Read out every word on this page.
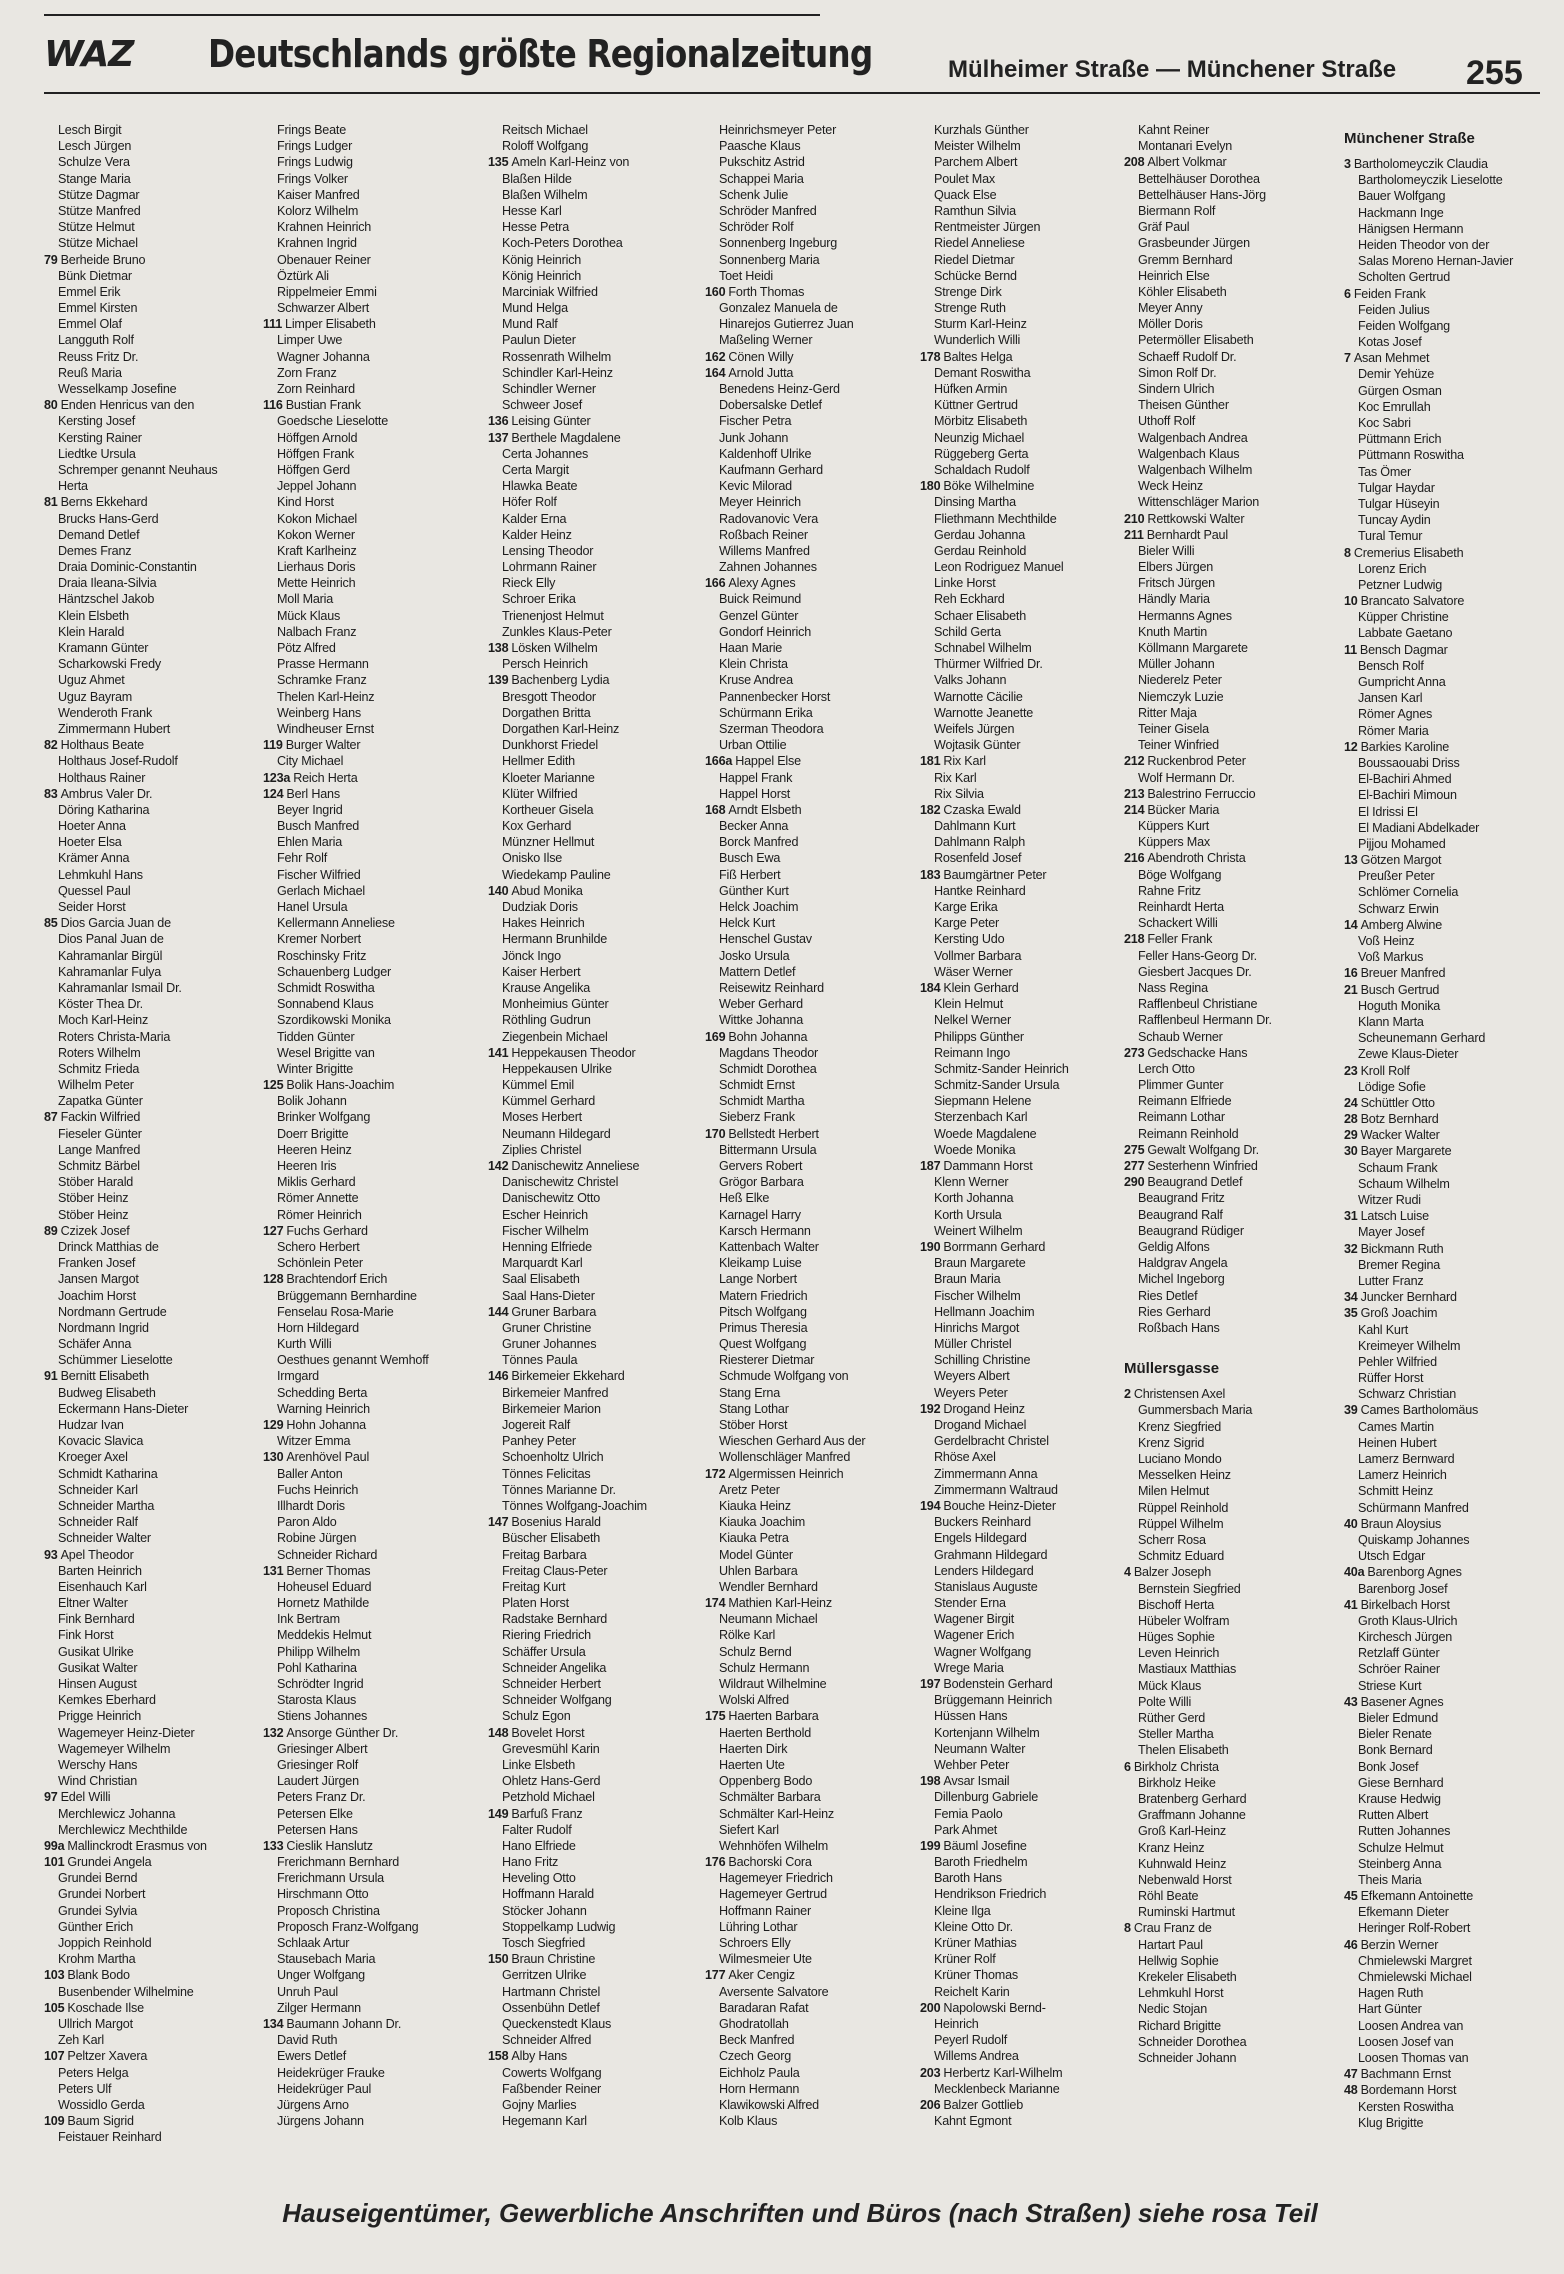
WAZ Deutschlands größte Regionalzeitung	Mülheimer Straße — Münchener Straße 255
Lesch Birgit
Lesch Jürgen
Schulze Vera
Stange Maria
Stütze Dagmar
Stütze Manfred
Stütze Helmut
Stütze Michael
79 Berheide Bruno
Bünk Dietmar
Emmel Erik
Emmel Kirsten
Emmel Olaf
Langguth Rolf
Reuss Fritz Dr.
Reuß Maria
Wesselkamp Josefine
80 Enden Henricus van den
Kersting Josef
Kersting Rainer
Liedtke Ursula
Schremper genannt Neuhaus
Herta
81 Berns Ekkehard
Brucks Hans-Gerd
Demand Detlef
Demes Franz
Draia Dominic-Constantin
Draia Ileana-Silvia
Häntzschel Jakob
Klein Elsbeth
Klein Harald
Kramann Günter
Scharkowski Fredy
Uguz Ahmet
Uguz Bayram
Wenderoth Frank
Zimmermann Hubert
82 Holthaus Beate
Holthaus Josef-Rudolf
Holthaus Rainer
83 Ambrus Valer Dr.
Döring Katharina
Hoeter Anna
Hoeter Elsa
Krämer Anna
Lehmkuhl Hans
Quessel Paul
Seider Horst
85 Dios Garcia Juan de
Dios Panal Juan de
Kahramanlar Birgül
Kahramanlar Fulya
Kahramanlar Ismail Dr.
Köster Thea Dr.
Moch Karl-Heinz
Roters Christa-Maria
Roters Wilhelm
Schmitz Frieda
Wilhelm Peter
Zapatka Günter
87 Fackin Wilfried
Fieseler Günter
Lange Manfred
Schmitz Bärbel
Stöber Harald
Stöber Heinz
Stöber Heinz
89 Czizek Josef
Drinck Matthias de
Franken Josef
Jansen Margot
Joachim Horst
Nordmann Gertrude
Nordmann Ingrid
Schäfer Anna
Schümmer Lieselotte
91 Bernitt Elisabeth
Budweg Elisabeth
Eckermann Hans-Dieter
Hudzar Ivan
Kovacic Slavica
Kroeger Axel
Schmidt Katharina
Schneider Karl
Schneider Martha
Schneider Ralf
Schneider Walter
93 Apel Theodor
Barten Heinrich
Eisenhauch Karl
Eltner Walter
Fink Bernhard
Fink Horst
Gusikat Ulrike
Gusikat Walter
Hinsen August
Kemkes Eberhard
Prigge Heinrich
Wagemeyer Heinz-Dieter
Wagemeyer Wilhelm
Werschy Hans
Wind Christian
97 Edel Willi
Merchlewicz Johanna
Merchlewicz Mechthilde
99a Mallinckrodt Erasmus von
101 Grundei Angela
Grundei Bernd
Grundei Norbert
Grundei Sylvia
Günther Erich
Joppich Reinhold
Krohm Martha
103 Blank Bodo
Busenbender Wilhelmine
105 Koschade Ilse
Ullrich Margot
Zeh Karl
107 Peltzer Xavera
Peters Helga
Peters Ulf
Wossidlo Gerda
109 Baum Sigrid
Feistauer Reinhard
Frings Beate
Frings Ludger
Frings Ludwig
Frings Volker
Kaiser Manfred
Kolorz Wilhelm
Krahnen Heinrich
Krahnen Ingrid
Obenauer Reiner
Öztürk Ali
Rippelmeier Emmi
Schwarzer Albert
111 Limper Elisabeth
Limper Uwe
Wagner Johanna
Zorn Franz
Zorn Reinhard
116 Bustian Frank
Goedsche Lieselotte
Höffgen Arnold
Höffgen Frank
Höffgen Gerd
Jeppel Johann
Kind Horst
Kokon Michael
Kokon Werner
Kraft Karlheinz
Lierhaus Doris
Mette Heinrich
Moll Maria
Mück Klaus
Nalbach Franz
Pötz Alfred
Prasse Hermann
Schramke Franz
Thelen Karl-Heinz
Weinberg Hans
Windheuser Ernst
119 Burger Walter
City Michael
123a Reich Herta
124 Berl Hans
Beyer Ingrid
Busch Manfred
Ehlen Maria
Fehr Rolf
Fischer Wilfried
Gerlach Michael
Hanel Ursula
Kellermann Anneliese
Kremer Norbert
Roschinsky Fritz
Schauenberg Ludger
Schmidt Roswitha
Sonnabend Klaus
Szordikowski Monika
Tidden Günter
Wesel Brigitte van
Winter Brigitte
125 Bolik Hans-Joachim
Bolik Johann
Brinker Wolfgang
Doerr Brigitte
Heeren Heinz
Heeren Iris
Miklis Gerhard
Römer Annette
Römer Heinrich
127 Fuchs Gerhard
Schero Herbert
Schönlein Peter
128 Brachtendorf Erich
Brüggemann Bernhardine
Fenselau Rosa-Marie
Horn Hildegard
Kurth Willi
Oesthues genannt Wemhoff
Irmgard
Schedding Berta
Warning Heinrich
129 Hohn Johanna
Witzer Emma
130 Arenhövel Paul
Baller Anton
Fuchs Heinrich
Illhardt Doris
Paron Aldo
Robine Jürgen
Schneider Richard
131 Berner Thomas
Hoheusel Eduard
Hornetz Mathilde
Ink Bertram
Meddekis Helmut
Philipp Wilhelm
Pohl Katharina
Schrödter Ingrid
Starosta Klaus
Stiens Johannes
132 Ansorge Günther Dr.
Griesinger Albert
Griesinger Rolf
Laudert Jürgen
Peters Franz Dr.
Petersen Elke
Petersen Hans
133 Cieslik Hanslutz
Frerichmann Bernhard
Frerichmann Ursula
Hirschmann Otto
Proposch Christina
Proposch Franz-Wolfgang
Schlaak Artur
Stausebach Maria
Unger Wolfgang
Unruh Paul
Zilger Hermann
134 Baumann Johann Dr.
David Ruth
Ewers Detlef
Heidekrüger Frauke
Heidekrüger Paul
Jürgens Arno
Jürgens Johann
Reitsch Michael
Roloff Wolfgang
135 Ameln Karl-Heinz von
Blaßen Hilde
Blaßen Wilhelm
Hesse Karl
Hesse Petra
Koch-Peters Dorothea
König Heinrich
König Heinrich
Marciniak Wilfried
Mund Helga
Mund Ralf
Paulun Dieter
Rossenrath Wilhelm
Schindler Karl-Heinz
Schindler Werner
Schweer Josef
136 Leising Günter
137 Berthele Magdalene
Certa Johannes
Certa Margit
Hlawka Beate
Höfer Rolf
Kalder Erna
Kalder Heinz
Lensing Theodor
Lohrmann Rainer
Rieck Elly
Schroer Erika
Trienenjost Helmut
Zunkles Klaus-Peter
138 Lösken Wilhelm
Persch Heinrich
139 Bachenberg Lydia
Bresgott Theodor
Dorgathen Britta
Dorgathen Karl-Heinz
Dunkhorst Friedel
Hellmer Edith
Kloeter Marianne
Klüter Wilfried
Kortheuer Gisela
Kox Gerhard
Münzner Hellmut
Onisko Ilse
Wiedekamp Pauline
140 Abud Monika
Dudziak Doris
Hakes Heinrich
Hermann Brunhilde
Jönck Ingo
Kaiser Herbert
Krause Angelika
Monheimius Günter
Röthling Gudrun
Ziegenbein Michael
141 Heppekausen Theodor
Heppekausen Ulrike
Kümmel Emil
Kümmel Gerhard
Moses Herbert
Neumann Hildegard
Ziplies Christel
142 Danischewitz Anneliese
Danischewitz Christel
Danischewitz Otto
Escher Heinrich
Fischer Wilhelm
Henning Elfriede
Marquardt Karl
Saal Elisabeth
Saal Hans-Dieter
144 Gruner Barbara
Gruner Christine
Gruner Johannes
Tönnes Paula
146 Birkemeier Ekkehard
Birkemeier Manfred
Birkemeier Marion
Jogereit Ralf
Panhey Peter
Schoenholtz Ulrich
Tönnes Felicitas
Tönnes Marianne Dr.
Tönnes Wolfgang-Joachim
147 Bosenius Harald
Büscher Elisabeth
Freitag Barbara
Freitag Claus-Peter
Freitag Kurt
Platen Horst
Radstake Bernhard
Riering Friedrich
Schäffer Ursula
Schneider Angelika
Schneider Herbert
Schneider Wolfgang
Schulz Egon
148 Bovelet Horst
Grevesmühl Karin
Linke Elsbeth
Ohletz Hans-Gerd
Petzhold Michael
149 Barfuß Franz
Falter Rudolf
Hano Elfriede
Hano Fritz
Heveling Otto
Hoffmann Harald
Stöcker Johann
Stoppelkamp Ludwig
Tosch Siegfried
150 Braun Christine
Gerritzen Ulrike
Hartmann Christel
Ossenbühn Detlef
Queckenstedt Klaus
Schneider Alfred
158 Alby Hans
Cowerts Wolfgang
Faßbender Reiner
Gojny Marlies
Hegemann Karl
Heinrichsmeyer Peter
Paasche Klaus
Pukschitz Astrid
Schappei Maria
Schenk Julie
Schröder Manfred
Schröder Rolf
Sonnenberg Ingeburg
Sonnenberg Maria
Toet Heidi
160 Forth Thomas
Gonzalez Manuela de
Hinarejos Gutierrez Juan
Maßeling Werner
162 Cönen Willy
164 Arnold Jutta
Benedens Heinz-Gerd
Dobersalske Detlef
Fischer Petra
Junk Johann
Kaldenhoff Ulrike
Kaufmann Gerhard
Kevic Milorad
Meyer Heinrich
Radovanovic Vera
Roßbach Reiner
Willems Manfred
Zahnen Johannes
166 Alexy Agnes
Buick Reimund
Genzel Günter
Gondorf Heinrich
Haan Marie
Klein Christa
Kruse Andrea
Pannenbecker Horst
Schürmann Erika
Szerman Theodora
Urban Ottilie
166a Happel Else
Happel Frank
Happel Horst
168 Arndt Elsbeth
Becker Anna
Borck Manfred
Busch Ewa
Fiß Herbert
Günther Kurt
Helck Joachim
Helck Kurt
Henschel Gustav
Josko Ursula
Mattern Detlef
Reisewitz Reinhard
Weber Gerhard
Wittke Johanna
169 Bohn Johanna
Magdans Theodor
Schmidt Dorothea
Schmidt Ernst
Schmidt Martha
Sieberz Frank
170 Bellstedt Herbert
Bittermann Ursula
Gervers Robert
Grögor Barbara
Heß Elke
Karnagel Harry
Karsch Hermann
Kattenbach Walter
Kleikamp Luise
Lange Norbert
Matern Friedrich
Pitsch Wolfgang
Primus Theresia
Quest Wolfgang
Riesterer Dietmar
Schmude Wolfgang von
Stang Erna
Stang Lothar
Stöber Horst
Wieschen Gerhard Aus der
Wollenschläger Manfred
172 Algermissen Heinrich
Aretz Peter
Kiauka Heinz
Kiauka Joachim
Kiauka Petra
Model Günter
Uhlen Barbara
Wendler Bernhard
174 Mathien Karl-Heinz
Neumann Michael
Rölke Karl
Schulz Bernd
Schulz Hermann
Wildraut Wilhelmine
Wolski Alfred
175 Haerten Barbara
Haerten Berthold
Haerten Dirk
Haerten Ute
Oppenberg Bodo
Schmälter Barbara
Schmälter Karl-Heinz
Siefert Karl
Wehnhöfen Wilhelm
176 Bachorski Cora
Hagemeyer Friedrich
Hagemeyer Gertrud
Hoffmann Rainer
Lühring Lothar
Schroers Elly
Wilmesmeier Ute
177 Aker Cengiz
Aversente Salvatore
Baradaran Rafat
Ghodratollah
Beck Manfred
Czech Georg
Eichholz Paula
Horn Hermann
Klawikowski Alfred
Kolb Klaus
Kurzhals Günther
Meister Wilhelm
Parchem Albert
Poulet Max
Quack Else
Ramthun Silvia
Rentmeister Jürgen
Riedel Anneliese
Riedel Dietmar
Schücke Bernd
Strenge Dirk
Strenge Ruth
Sturm Karl-Heinz
Wunderlich Willi
178 Baltes Helga
Demant Roswitha
Hüfken Armin
Küttner Gertrud
Mörbitz Elisabeth
Neunzig Michael
Rüggeberg Gerta
Schaldach Rudolf
180 Böke Wilhelmine
Dinsing Martha
Fliethmann Mechthilde
Gerdau Johanna
Gerdau Reinhold
Leon Rodriguez Manuel
Linke Horst
Reh Eckhard
Schaer Elisabeth
Schild Gerta
Schnabel Wilhelm
Thürmer Wilfried Dr.
Valks Johann
Warnotte Cäcilie
Warnotte Jeanette
Weifels Jürgen
Wojtasik Günter
181 Rix Karl
Rix Karl
Rix Silvia
182 Czaska Ewald
Dahlmann Kurt
Dahlmann Ralph
Rosenfeld Josef
183 Baumgärtner Peter
Hantke Reinhard
Karge Erika
Karge Peter
Kersting Udo
Vollmer Barbara
Wäser Werner
184 Klein Gerhard
Klein Helmut
Nelkel Werner
Philipps Günther
Reimann Ingo
Schmitz-Sander Heinrich
Schmitz-Sander Ursula
Siepmann Helene
Sterzenbach Karl
Woede Magdalene
Woede Monika
187 Dammann Horst
Klenn Werner
Korth Johanna
Korth Ursula
Weinert Wilhelm
190 Borrmann Gerhard
Braun Margarete
Braun Maria
Fischer Wilhelm
Hellmann Joachim
Hinrichs Margot
Müller Christel
Schilling Christine
Weyers Albert
Weyers Peter
192 Drogand Heinz
Drogand Michael
Gerdelbracht Christel
Rhöse Axel
Zimmermann Anna
Zimmermann Waltraud
194 Bouche Heinz-Dieter
Buckers Reinhard
Engels Hildegard
Grahmann Hildegard
Lenders Hildegard
Stanislaus Auguste
Stender Erna
Wagener Birgit
Wagener Erich
Wagner Wolfgang
Wrege Maria
197 Bodenstein Gerhard
Brüggemann Heinrich
Hüssen Hans
Kortenjann Wilhelm
Neumann Walter
Wehber Peter
198 Avsar Ismail
Dillenburg Gabriele
Femia Paolo
Park Ahmet
199 Bäuml Josefine
Baroth Friedhelm
Baroth Hans
Hendrikson Friedrich
Kleine Ilga
Kleine Otto Dr.
Krüner Mathias
Krüner Rolf
Krüner Thomas
Reichelt Karin
200 Napolowski Bernd-
Heinrich
Peyerl Rudolf
Willems Andrea
203 Herbertz Karl-Wilhelm
Mecklenbeck Marianne
206 Balzer Gottlieb
Kahnt Egmont
Kahnt Reiner
Montanari Evelyn
208 Albert Volkmar
Bettelhäuser Dorothea
Bettelhäuser Hans-Jörg
Biermann Rolf
Gräf Paul
Grasbeunder Jürgen
Gremm Bernhard
Heinrich Else
Köhler Elisabeth
Meyer Anny
Möller Doris
Petermöller Elisabeth
Schaeff Rudolf Dr.
Simon Rolf Dr.
Sindern Ulrich
Theisen Günther
Uthoff Rolf
Walgenbach Andrea
Walgenbach Klaus
Walgenbach Wilhelm
Weck Heinz
Wittenschläger Marion
210 Rettkowski Walter
211 Bernhardt Paul
Bieler Willi
Elbers Jürgen
Fritsch Jürgen
Händly Maria
Hermanns Agnes
Knuth Martin
Köllmann Margarete
Müller Johann
Niederelz Peter
Niemczyk Luzie
Ritter Maja
Teiner Gisela
Teiner Winfried
212 Ruckenbrod Peter
Wolf Hermann Dr.
213 Balestrino Ferruccio
214 Bücker Maria
Küppers Kurt
Küppers Max
216 Abendroth Christa
Böge Wolfgang
Rahne Fritz
Reinhardt Herta
Schackert Willi
218 Feller Frank
Feller Hans-Georg Dr.
Giesbert Jacques Dr.
Nass Regina
Rafflenbeul Christiane
Rafflenbeul Hermann Dr.
Schaub Werner
273 Gedschacke Hans
Lerch Otto
Plimmer Gunter
Reimann Elfriede
Reimann Lothar
Reimann Reinhold
275 Gewalt Wolfgang Dr.
277 Sesterhenn Winfried
290 Beaugrand Detlef
Beaugrand Fritz
Beaugrand Ralf
Beaugrand Rüdiger
Geldig Alfons
Haldgrav Angela
Michel Ingeborg
Ries Detlef
Ries Gerhard
Roßbach Hans
Müllersgasse
2 Christensen Axel
Gummersbach Maria
Krenz Siegfried
Krenz Sigrid
Luciano Mondo
Messelken Heinz
Milen Helmut
Rüppel Reinhold
Rüppel Wilhelm
Scherr Rosa
Schmitz Eduard
4 Balzer Joseph
Bernstein Siegfried
Bischoff Herta
Hübeler Wolfram
Hüges Sophie
Leven Heinrich
Mastiaux Matthias
Mück Klaus
Polte Willi
Rüther Gerd
Steller Martha
Thelen Elisabeth
6 Birkholz Christa
Birkholz Heike
Bratenberg Gerhard
Graffmann Johanne
Groß Karl-Heinz
Kranz Heinz
Kuhnwald Heinz
Nebenwald Horst
Röhl Beate
Ruminski Hartmut
8 Crau Franz de
Hartart Paul
Hellwig Sophie
Krekeler Elisabeth
Lehmkuhl Horst
Nedic Stojan
Richard Brigitte
Schneider Dorothea
Schneider Johann
Münchener Straße
3 Bartholomeyczik Claudia
Bartholomeyczik Lieselotte
Bauer Wolfgang
Hackmann Inge
Hänigsen Hermann
Heiden Theodor von der
Salas Moreno Hernan-Javier
Scholten Gertrud
6 Feiden Frank
Feiden Julius
Feiden Wolfgang
Kotas Josef
7 Asan Mehmet
Demir Yehüze
Gürgen Osman
Koc Emrullah
Koc Sabri
Püttmann Erich
Püttmann Roswitha
Tas Ömer
Tulgar Haydar
Tulgar Hüseyin
Tuncay Aydin
Tural Temur
8 Cremerius Elisabeth
Lorenz Erich
Petzner Ludwig
10 Brancato Salvatore
Küpper Christine
Labbate Gaetano
11 Bensch Dagmar
Bensch Rolf
Gumpricht Anna
Jansen Karl
Römer Agnes
Römer Maria
12 Barkies Karoline
Boussaouabi Driss
El-Bachiri Ahmed
El-Bachiri Mimoun
El Idrissi El
El Madiani Abdelkader
Pijjou Mohamed
13 Götzen Margot
Preußer Peter
Schlömer Cornelia
Schwarz Erwin
14 Amberg Alwine
Voß Heinz
Voß Markus
16 Breuer Manfred
21 Busch Gertrud
Hoguth Monika
Klann Marta
Scheunemann Gerhard
Zewe Klaus-Dieter
23 Kroll Rolf
Lödige Sofie
24 Schüttler Otto
28 Botz Bernhard
29 Wacker Walter
30 Bayer Margarete
Schaum Frank
Schaum Wilhelm
Witzer Rudi
31 Latsch Luise
Mayer Josef
32 Bickmann Ruth
Bremer Regina
Lutter Franz
34 Juncker Bernhard
35 Groß Joachim
Kahl Kurt
Kreimeyer Wilhelm
Pehler Wilfried
Rüffer Horst
Schwarz Christian
39 Cames Bartholomäus
Cames Martin
Heinen Hubert
Lamerz Bernward
Lamerz Heinrich
Schmitt Heinz
Schürmann Manfred
40 Braun Aloysius
Quiskamp Johannes
Utsch Edgar
40a Barenborg Agnes
Barenborg Josef
41 Birkelbach Horst
Groth Klaus-Ulrich
Kirchesch Jürgen
Retzlaff Günter
Schröer Rainer
Striese Kurt
43 Basener Agnes
Bieler Edmund
Bieler Renate
Bonk Bernard
Bonk Josef
Giese Bernhard
Krause Hedwig
Rutten Albert
Rutten Johannes
Schulze Helmut
Steinberg Anna
Theis Maria
45 Efkemann Antoinette
Efkemann Dieter
Heringer Rolf-Robert
46 Berzin Werner
Chmielewski Margret
Chmielewski Michael
Hagen Ruth
Hart Günter
Loosen Andrea van
Loosen Josef van
Loosen Thomas van
47 Bachmann Ernst
48 Bordemann Horst
Kersten Roswitha
Klug Brigitte
Hauseigentümer, Gewerbliche Anschriften und Büros (nach Straßen) siehe rosa Teil
